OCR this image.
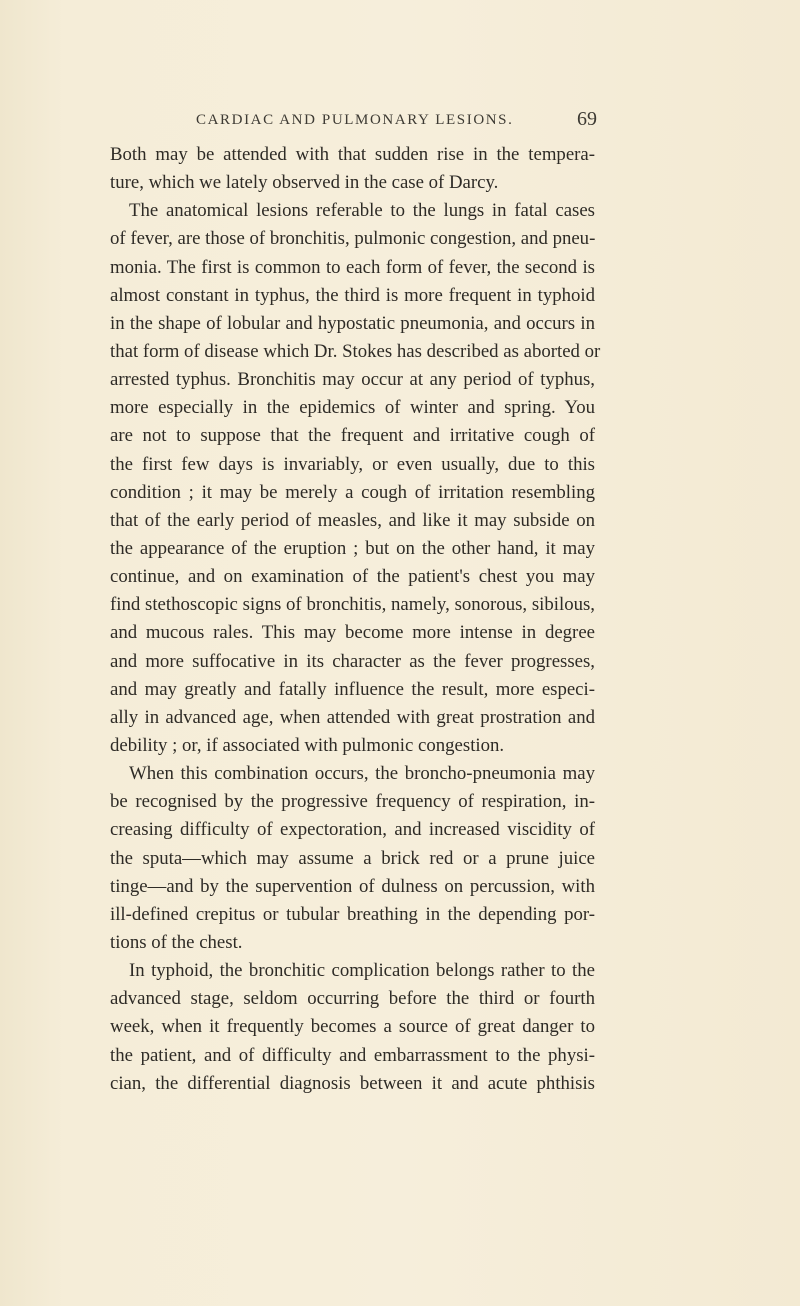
CARDIAC AND PULMONARY LESIONS.	69
Both may be attended with that sudden rise in the tempera-
ture, which we lately observed in the case of Darcy.
The anatomical lesions referable to the lungs in fatal cases
of fever, are those of bronchitis, pulmonic congestion, and pneu-
monia. The first is common to each form of fever, the second is
almost constant in typhus, the third is more frequent in typhoid
in the shape of lobular and hypostatic pneumonia, and occurs in
that form of disease which Dr. Stokes has described as aborted or
arrested typhus. Bronchitis may occur at any period of typhus,
more especially in the epidemics of winter and spring. You
are not to suppose that the frequent and irritative cough of
the first few days is invariably, or even usually, due to this
condition ; it may be merely a cough of irritation resembling
that of the early period of measles, and like it may subside on
the appearance of the eruption ; but on the other hand, it may
continue, and on examination of the patient's chest you may
find stethoscopic signs of bronchitis, namely, sonorous, sibilous,
and mucous rales. This may become more intense in degree
and more suffocative in its character as the fever progresses,
and may greatly and fatally influence the result, more especi-
ally in advanced age, when attended with great prostration and
debility ; or, if associated with pulmonic congestion.
When this combination occurs, the broncho-pneumonia may
be recognised by the progressive frequency of respiration, in-
creasing difficulty of expectoration, and increased viscidity of
the sputa—which may assume a brick red or a prune juice
tinge—and by the supervention of dulness on percussion, with
ill-defined crepitus or tubular breathing in the depending por-
tions of the chest.
In typhoid, the bronchitic complication belongs rather to the
advanced stage, seldom occurring before the third or fourth
week, when it frequently becomes a source of great danger to
the patient, and of difficulty and embarrassment to the physi-
cian, the differential diagnosis between it and acute phthisis
